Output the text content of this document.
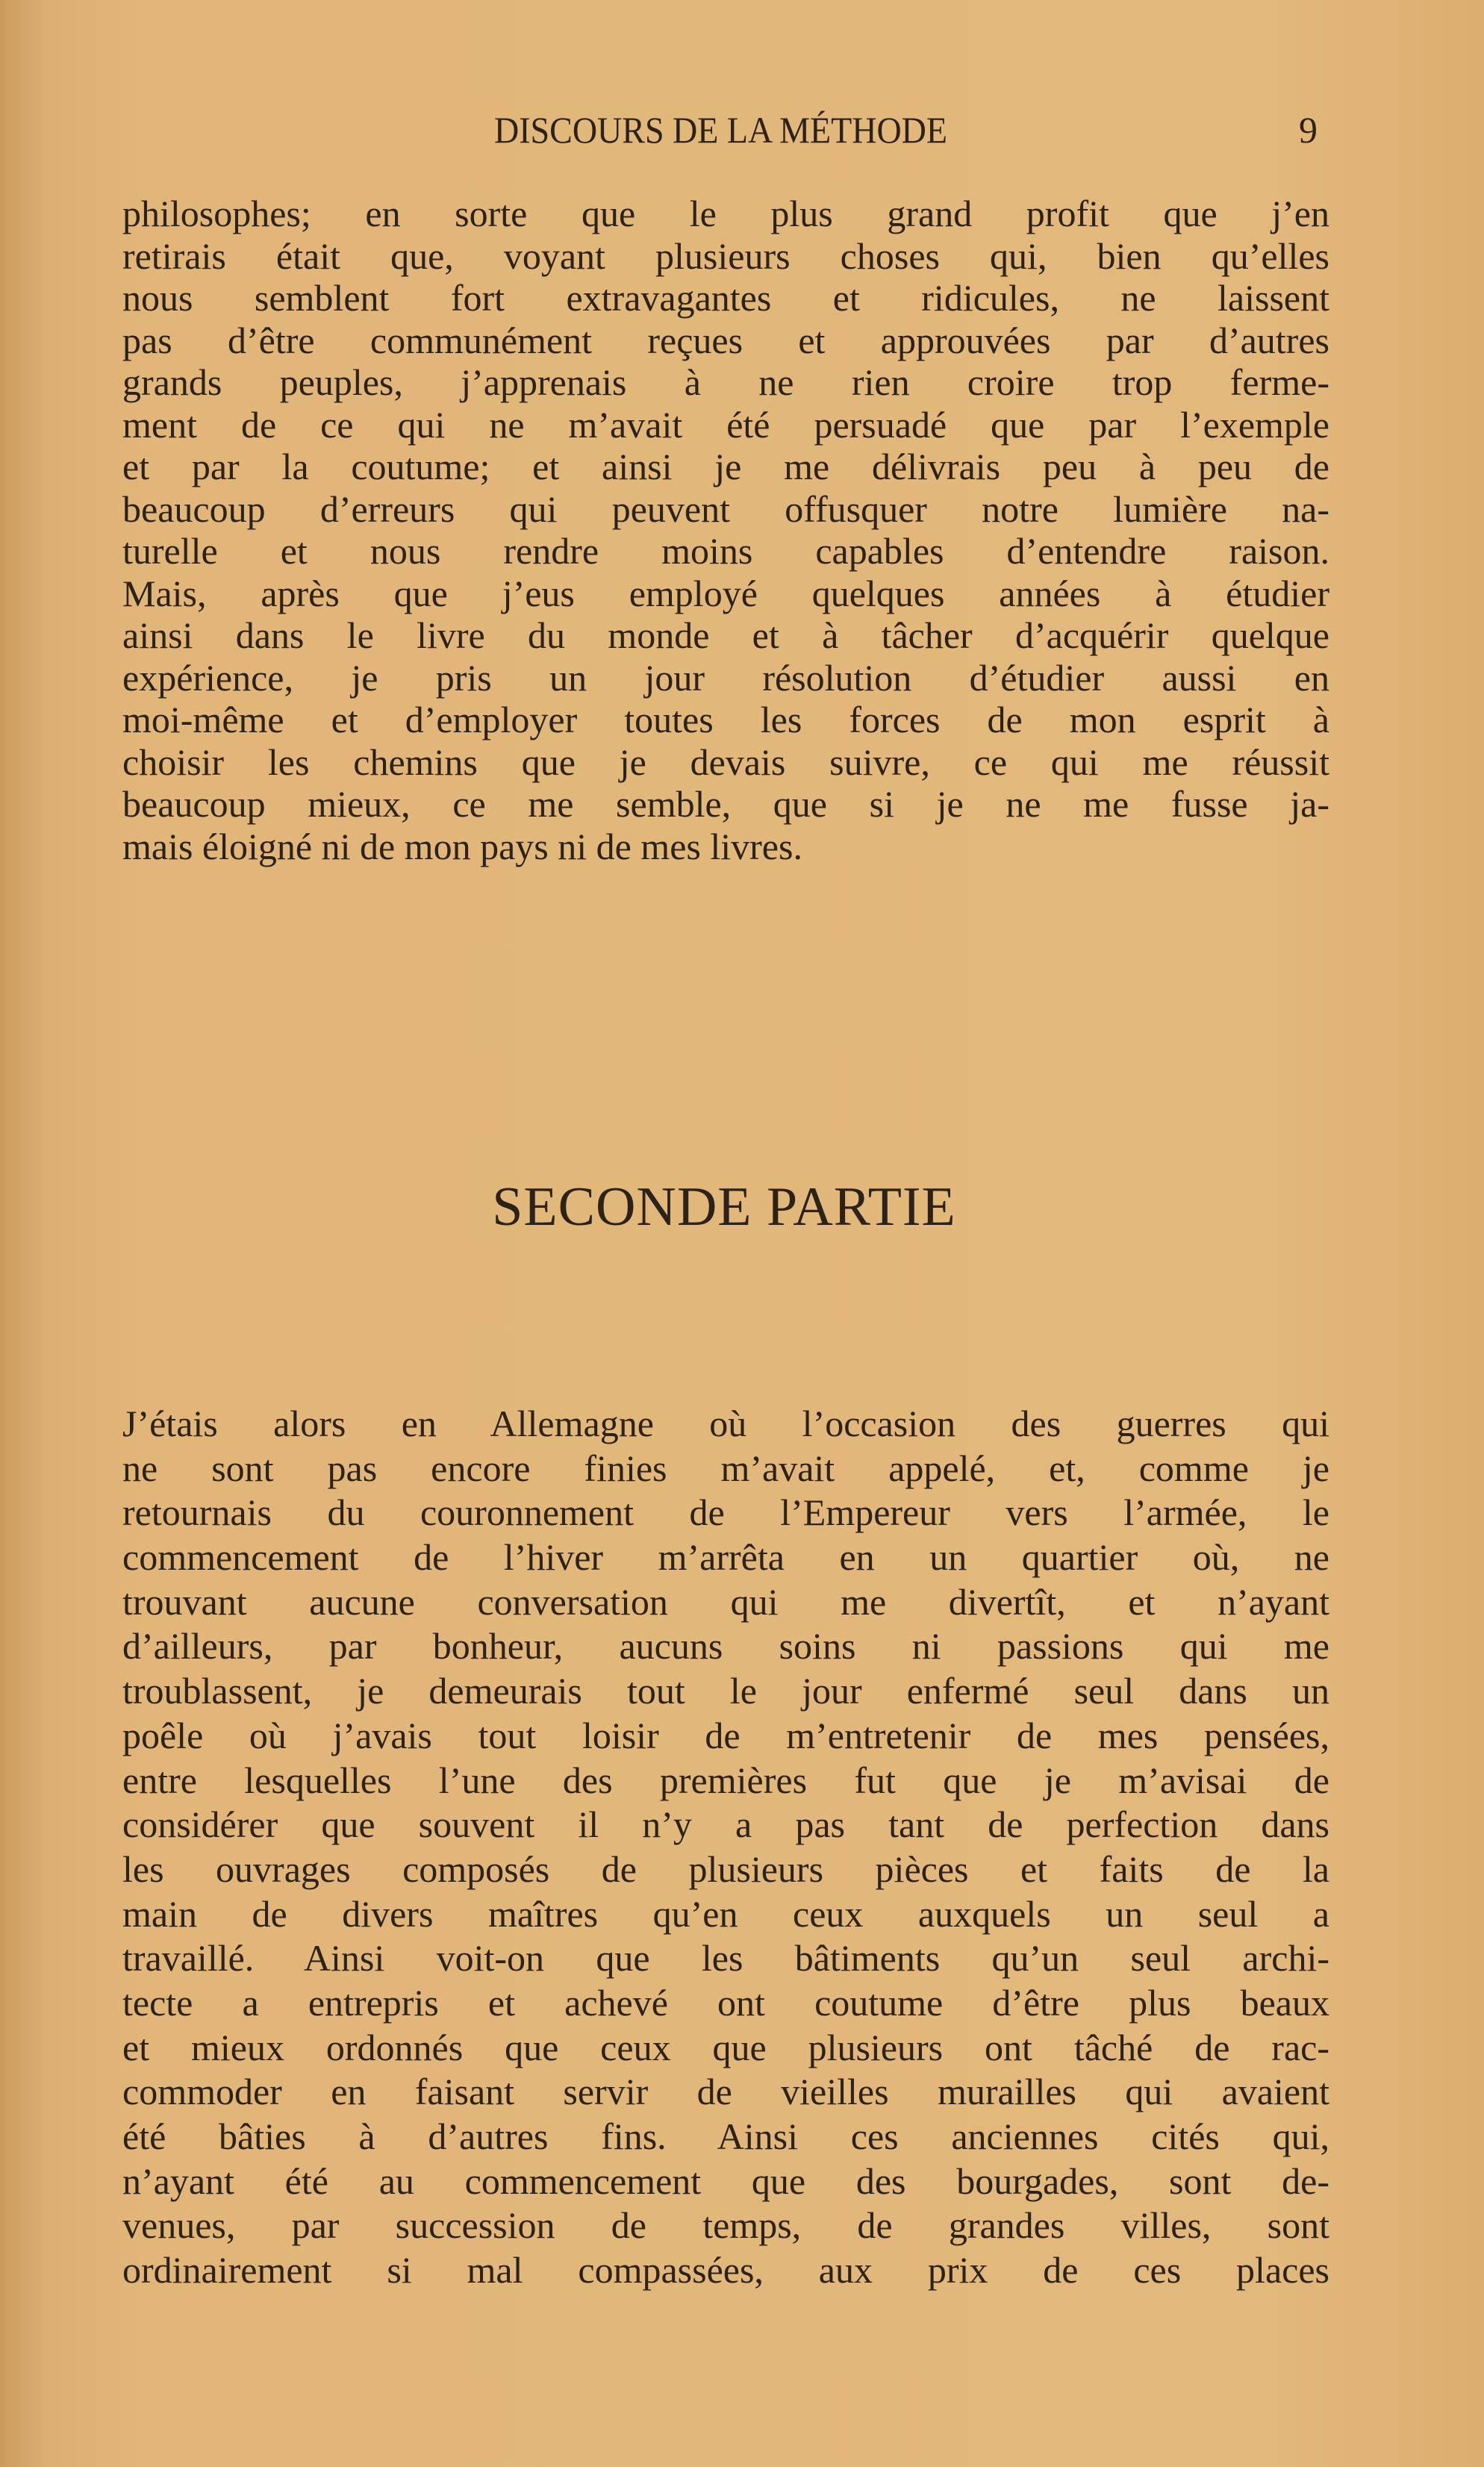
DISCOURS DE LA MÉTHODE	9
philosophes; en sorte que le plus grand profit que j’en
retirais était que, voyant plusieurs choses qui, bien qu’elles
nous semblent fort extravagantes et ridicules, ne laissent
pas d’être communément reçues et approuvées par d’autres
grands peuples, j’apprenais à ne rien croire trop ferme-
ment de ce qui ne m’avait été persuadé que par l’exemple
et par la coutume; et ainsi je me délivrais peu à peu de
beaucoup d’erreurs qui peuvent offusquer notre lumière na-
turelle et nous rendre moins capables d’entendre raison.
Mais, après que j’eus employé quelques années à étudier
ainsi dans le livre du monde et à tâcher d’acquérir quelque
expérience, je pris un jour résolution d’étudier aussi en
moi-même et d’employer toutes les forces de mon esprit à
choisir les chemins que je devais suivre, ce qui me réussit
beaucoup mieux, ce me semble, que si je ne me fusse ja-
mais éloigné ni de mon pays ni de mes livres.
SECONDE PARTIE
J’étais alors en Allemagne où l’occasion des guerres qui
ne sont pas encore finies m’avait appelé, et, comme je
retournais du couronnement de l’Empereur vers l’armée, le
commencement de l’hiver m’arrêta en un quartier où, ne
trouvant aucune conversation qui me divertît, et n’ayant
d’ailleurs, par bonheur, aucuns soins ni passions qui me
troublassent, je demeurais tout le jour enfermé seul dans un
poêle où j’avais tout loisir de m’entretenir de mes pensées,
entre lesquelles l’une des premières fut que je m’avisai de
considérer que souvent il n’y a pas tant de perfection dans
les ouvrages composés de plusieurs pièces et faits de la
main de divers maîtres qu’en ceux auxquels un seul a
travaillé. Ainsi voit-on que les bâtiments qu’un seul archi-
tecte a entrepris et achevé ont coutume d’être plus beaux
et mieux ordonnés que ceux que plusieurs ont tâché de rac-
commoder en faisant servir de vieilles murailles qui avaient
été bâties à d’autres fins. Ainsi ces anciennes cités qui,
n’ayant été au commencement que des bourgades, sont de-
venues, par succession de temps, de grandes villes, sont
ordinairement si mal compassées, aux prix de ces places
